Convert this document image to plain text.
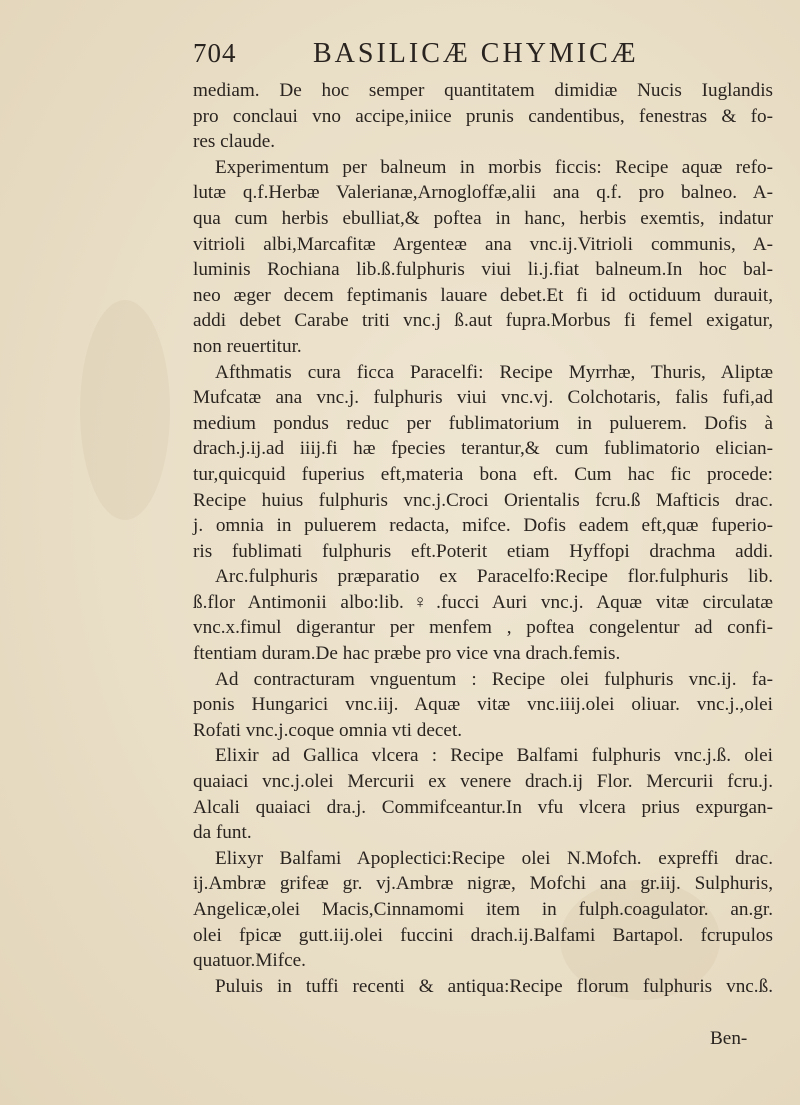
704	BASILICÆ CHYMICÆ
mediam. De hoc semper quantitatem dimidiæ Nucis Iuglandis
pro conclaui vno accipe,iniice prunis candentibus, fenestras & fo-
res claude.
Experimentum per balneum in morbis ficcis: Recipe aquæ refo-
lutæ q.f.Herbæ Valerianæ,Arnogloffæ,alii ana q.f. pro balneo. A-
qua cum herbis ebulliat,& poftea in hanc, herbis exemtis, indatur
vitrioli albi,Marcafitæ Argenteæ ana vnc.ij.Vitrioli communis, A-
luminis Rochiana lib.ß.fulphuris viui li.j.fiat balneum.In hoc bal-
neo æger decem feptimanis lauare debet.Et fi id octiduum durauit,
addi debet Carabe triti vnc.j ß.aut fupra.Morbus fi femel exigatur,
non reuertitur.
Afthmatis cura ficca Paracelfi: Recipe Myrrhæ, Thuris, Aliptæ
Mufcatæ ana vnc.j. fulphuris viui vnc.vj. Colchotaris, falis fufi,ad
medium pondus reduc per fublimatorium in puluerem. Dofis à
drach.j.ij.ad iiij.fi hæ fpecies terantur,& cum fublimatorio elician-
tur,quicquid fuperius eft,materia bona eft. Cum hac fic procede:
Recipe huius fulphuris vnc.j.Croci Orientalis fcru.ß Mafticis drac.
j. omnia in puluerem redacta, mifce. Dofis eadem eft,quæ fuperio-
ris fublimati fulphuris eft.Poterit etiam Hyffopi drachma addi.
Arc.fulphuris præparatio ex Paracelfo:Recipe flor.fulphuris lib.
ß.flor Antimonii albo:lib.♀.fucci Auri vnc.j. Aquæ vitæ circulatæ
vnc.x.fimul digerantur per menfem , poftea congelentur ad confi-
ftentiam duram.De hac præbe pro vice vna drach.femis.
Ad contracturam vnguentum : Recipe olei fulphuris vnc.ij. fa-
ponis Hungarici vnc.iij. Aquæ vitæ vnc.iiij.olei oliuar. vnc.j.,olei
Rofati vnc.j.coque omnia vti decet.
Elixir ad Gallica vlcera : Recipe Balfami fulphuris vnc.j.ß. olei
quaiaci vnc.j.olei Mercurii ex venere drach.ij Flor. Mercurii fcru.j.
Alcali quaiaci dra.j. Commifceantur.In vfu vlcera prius expurgan-
da funt.
Elixyr Balfami Apoplectici:Recipe olei N.Mofch. expreffi drac.
ij.Ambræ grifeæ gr. vj.Ambræ nigræ, Mofchi ana gr.iij. Sulphuris,
Angelicæ,olei Macis,Cinnamomi item in fulph.coagulator. an.gr.
olei fpicæ gutt.iij.olei fuccini drach.ij.Balfami Bartapol. fcrupulos
quatuor.Mifce.
Puluis in tuffi recenti & antiqua:Recipe florum fulphuris vnc.ß.
Ben-
